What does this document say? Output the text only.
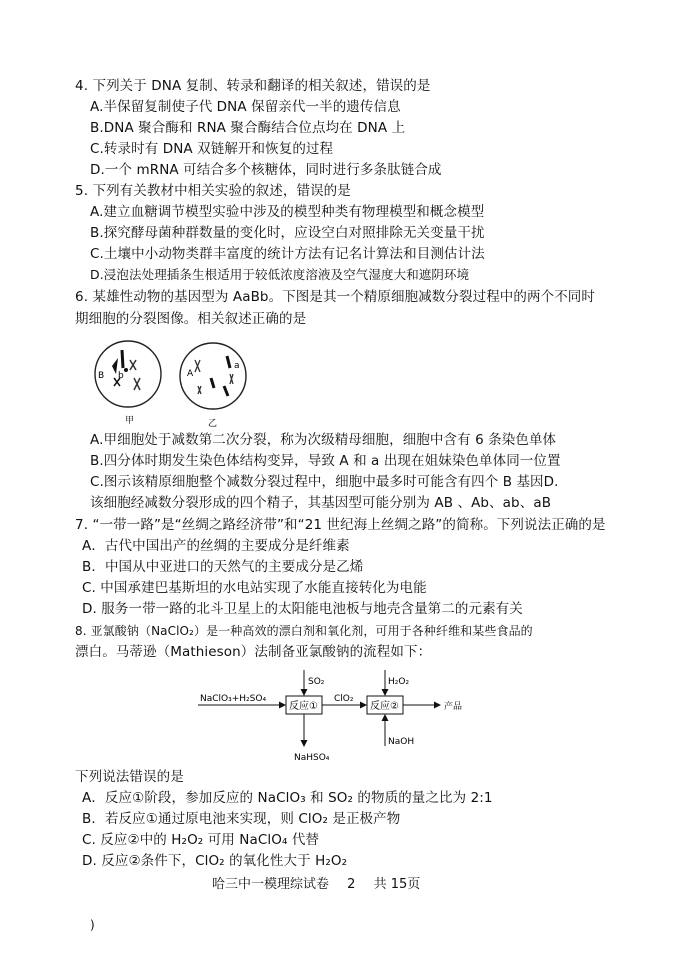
4. 下列关于 DNA 复制、转录和翻译的相关叙述，错误的是
A.半保留复制使子代 DNA 保留亲代一半的遗传信息
B.DNA 聚合酶和 RNA 聚合酶结合位点均在 DNA 上
C.转录时有 DNA 双链解开和恢复的过程
D.一个 mRNA 可结合多个核糖体，同时进行多条肽链合成
5. 下列有关教材中相关实验的叙述，错误的是
A.建立血糖调节模型实验中涉及的模型种类有物理模型和概念模型
B.探究酵母菌种群数量的变化时，应设空白对照排除无关变量干扰
C.土壤中小动物类群丰富度的统计方法有记名计算法和目测估计法
D.浸泡法处理插条生根适用于较低浓度溶液及空气湿度大和遮阴环境
6. 某雄性动物的基因型为 AaBb。下图是其一个精原细胞减数分裂过程中的两个不同时
期细胞的分裂图像。相关叙述正确的是
B b
甲
A
a
乙
A.甲细胞处于减数第二次分裂，称为次级精母细胞，细胞中含有 6 条染色单体
B.四分体时期发生染色体结构变异，导致 A 和 a 出现在姐妹染色单体同一位置
C.图示该精原细胞整个减数分裂过程中，细胞中最多时可能含有四个 B 基因D.
该细胞经减数分裂形成的四个精子，其基因型可能分别为 AB 、Ab、ab、aB
7. “一带一路”是“丝绸之路经济带”和“21 世纪海上丝绸之路”的简称。下列说法正确的是
A．古代中国出产的丝绸的主要成分是纤维素
B．中国从中亚进口的天然气的主要成分是乙烯
C. 中国承建巴基斯坦的水电站实现了水能直接转化为电能
D. 服务一带一路的北斗卫星上的太阳能电池板与地壳含量第二的元素有关
8. 亚氯酸钠（NaClO₂）是一种高效的漂白剂和氧化剂，可用于各种纤维和某些食品的
漂白。马蒂逊（Mathieson）法制备亚氯酸钠的流程如下：
NaClO₃+H₂SO₄
反应①
SO₂
NaHSO₄
ClO₂
反应②
H₂O₂
NaOH
产品
下列说法错误的是
A．反应①阶段，参加反应的 NaClO₃ 和 SO₂ 的物质的量之比为 2:1
B．若反应①通过原电池来实现，则 ClO₂ 是正极产物
C. 反应②中的 H₂O₂ 可用 NaClO₄ 代替
D. 反应②条件下，ClO₂ 的氧化性大于 H₂O₂
哈三中一模理综试卷 2 共 15页
)
